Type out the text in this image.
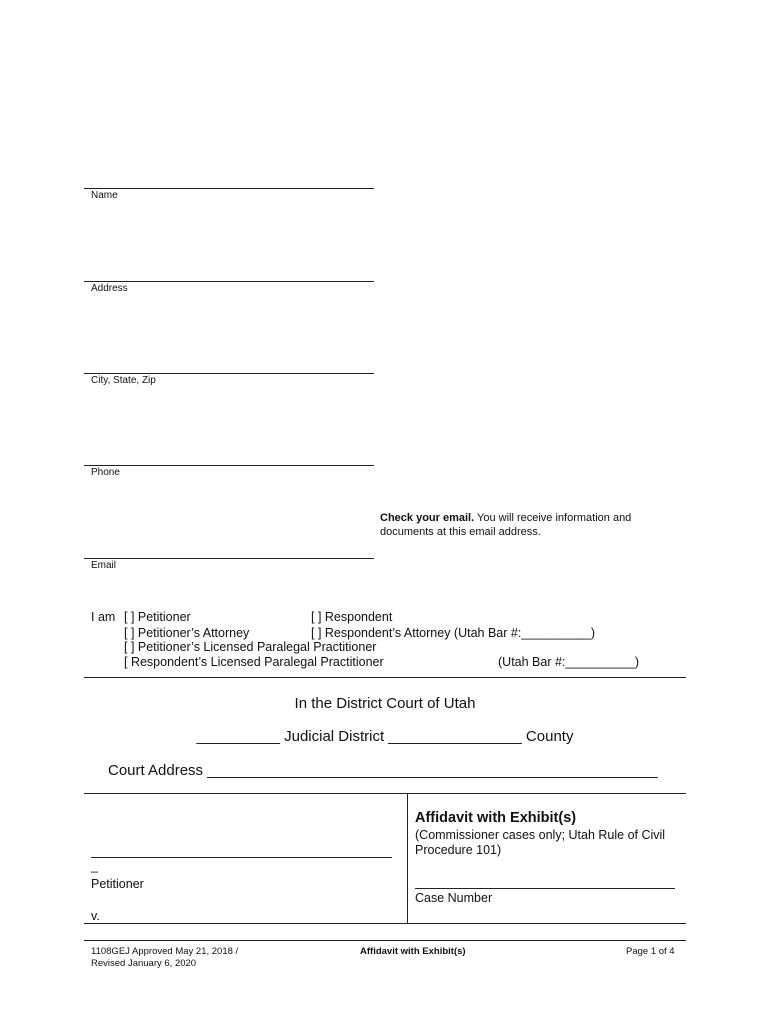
Name
Address
City, State, Zip
Phone
Email
Check your email. You will receive information and documents at this email address.
I am [ ] Petitioner	[ ] Respondent
[ ] Petitioner’s Attorney	[ ] Respondent’s Attorney (Utah Bar #:__________)
[ ] Petitioner’s Licensed Paralegal Practitioner
[ Respondent’s Licensed Paralegal Practitioner	(Utah Bar #:__________)
In the District Court of Utah
__________ Judicial District ________________ County
Court Address ______________________________________________________
_
Petitioner
v.
Affidavit with Exhibit(s)
(Commissioner cases only; Utah Rule of Civil Procedure 101)
Case Number
1108GEJ Approved May 21, 2018 /
Revised January 6, 2020
Affidavit with Exhibit(s)	Page 1 of 4
